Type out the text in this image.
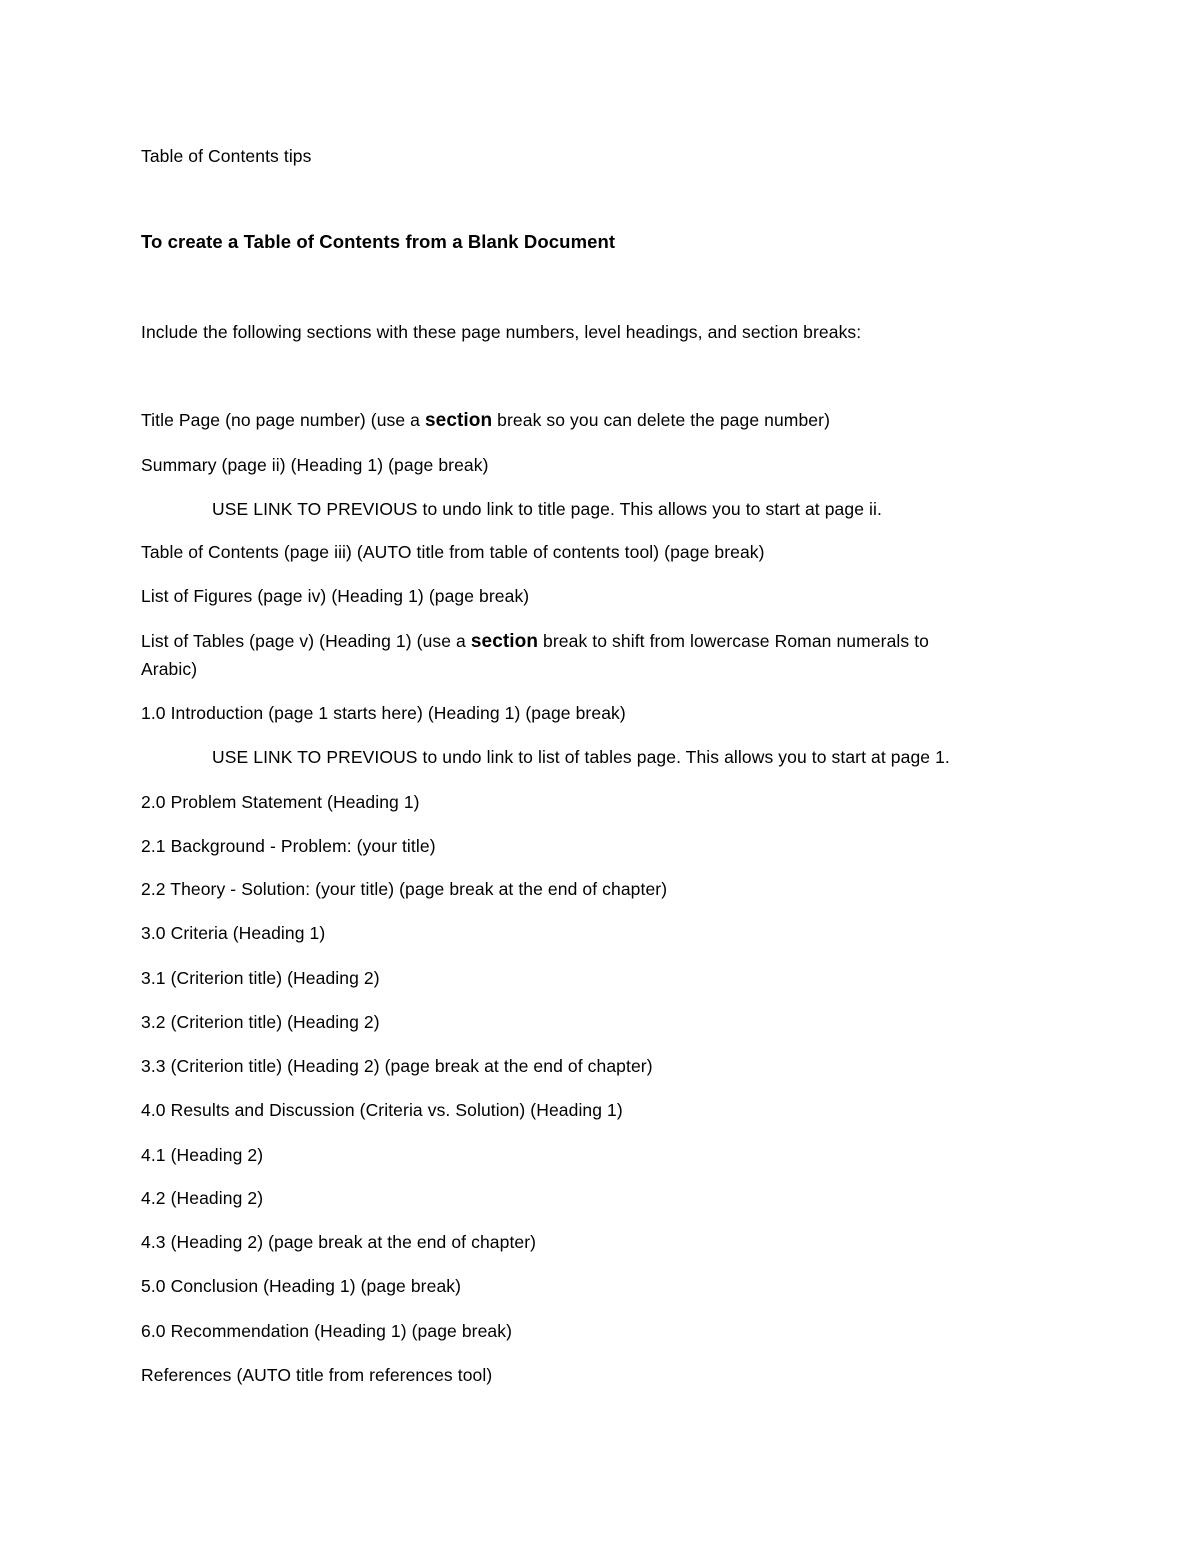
Table of Contents tips
To create a Table of Contents from a Blank Document
Include the following sections with these page numbers, level headings, and section breaks:
Title Page (no page number) (use a section break so you can delete the page number)
Summary (page ii) (Heading 1) (page break)
USE LINK TO PREVIOUS to undo link to title page. This allows you to start at page ii.
Table of Contents (page iii) (AUTO title from table of contents tool) (page break)
List of Figures (page iv) (Heading 1) (page break)
List of Tables (page v) (Heading 1) (use a section break to shift from lowercase Roman numerals to
Arabic)
1.0 Introduction (page 1 starts here) (Heading 1) (page break)
USE LINK TO PREVIOUS to undo link to list of tables page. This allows you to start at page 1.
2.0 Problem Statement (Heading 1)
2.1 Background - Problem: (your title)
2.2 Theory - Solution: (your title) (page break at the end of chapter)
3.0 Criteria (Heading 1)
3.1 (Criterion title) (Heading 2)
3.2 (Criterion title) (Heading 2)
3.3 (Criterion title) (Heading 2) (page break at the end of chapter)
4.0 Results and Discussion (Criteria vs. Solution) (Heading 1)
4.1 (Heading 2)
4.2 (Heading 2)
4.3 (Heading 2) (page break at the end of chapter)
5.0 Conclusion (Heading 1) (page break)
6.0 Recommendation (Heading 1) (page break)
References (AUTO title from references tool)
